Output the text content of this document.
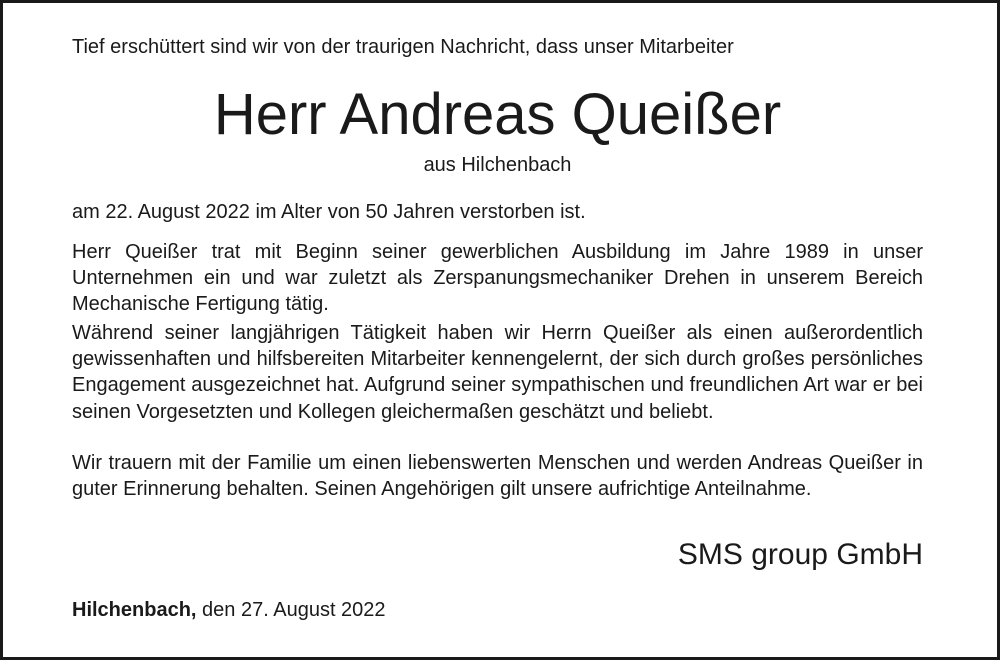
Tief erschüttert sind wir von der traurigen Nachricht, dass unser Mitarbeiter
Herr Andreas Queißer
aus Hilchenbach
am 22. August 2022 im Alter von 50 Jahren verstorben ist.
Herr Queißer trat mit Beginn seiner gewerblichen Ausbildung im Jahre 1989 in unser Unternehmen ein und war zuletzt als Zerspanungsmechaniker Drehen in unserem Bereich Mechanische Fertigung tätig.
Während seiner langjährigen Tätigkeit haben wir Herrn Queißer als einen außerordentlich gewissenhaften und hilfsbereiten Mitarbeiter kennengelernt, der sich durch großes persönliches Engagement ausgezeichnet hat. Aufgrund seiner sympathischen und freundlichen Art war er bei seinen Vorgesetzten und Kollegen gleichermaßen geschätzt und beliebt.
Wir trauern mit der Familie um einen liebenswerten Menschen und werden Andreas Queißer in guter Erinnerung behalten. Seinen Angehörigen gilt unsere aufrichtige Anteilnahme.
SMS group GmbH
Hilchenbach, den 27. August 2022
